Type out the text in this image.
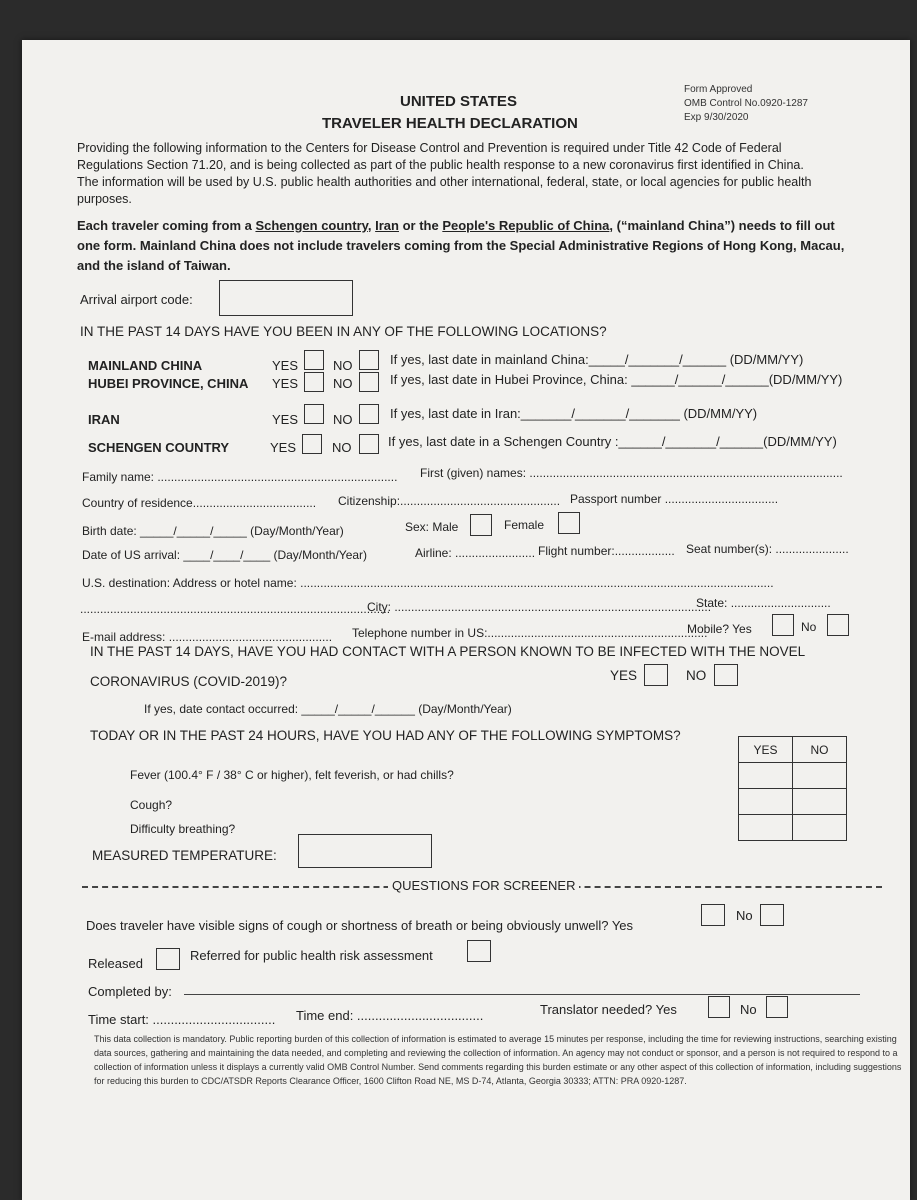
UNITED STATES
TRAVELER HEALTH DECLARATION
Form Approved
OMB Control No.0920-1287
Exp 9/30/2020
Providing the following information to the Centers for Disease Control and Prevention is required under Title 42 Code of Federal Regulations Section 71.20, and is being collected as part of the public health response to a new coronavirus first identified in China. The information will be used by U.S. public health authorities and other international, federal, state, or local agencies for public health purposes.
Each traveler coming from a Schengen country, Iran or the People's Republic of China, (“mainland China”) needs to fill out one form. Mainland China does not include travelers coming from the Special Administrative Regions of Hong Kong, Macau, and the island of Taiwan.
Arrival airport code:
IN THE PAST 14 DAYS HAVE YOU BEEN IN ANY OF THE FOLLOWING LOCATIONS?
MAINLAND CHINA	YES	NO	If yes, last date in mainland China:_____/_______/______ (DD/MM/YY)
HUBEI PROVINCE, CHINA YES	NO	If yes, last date in Hubei Province, China: ______/______/______(DD/MM/YY)
IRAN	YES	NO	If yes, last date in Iran:_______/_______/_______ (DD/MM/YY)
SCHENGEN COUNTRY	YES	NO	If yes, last date in a Schengen Country :______/_______/______(DD/MM/YY)
Family name: ........................................................................ First (given) names: ..............................................................................................
Country of residence..................................... Citizenship:................................................ Passport number ..................................
Birth date: _____/_____/_____ (Day/Month/Year)	Sex: Male	Female
Date of US arrival: ____/____/____ (Day/Month/Year)	Airline: ........................ Flight number:.................. Seat number(s): ......................
U.S. destination: Address or hotel name: ..............................................................................................................................................
.............................................................................................
City: ...............................................................................................
State: ..............................
E-mail address: ................................................. Telephone number in US:..................................................................
Mobile? Yes	No
IN THE PAST 14 DAYS, HAVE YOU HAD CONTACT WITH A PERSON KNOWN TO BE INFECTED WITH THE NOVEL
CORONAVIRUS (COVID-2019)?	YES	NO
If yes, date contact occurred: _____/_____/______ (Day/Month/Year)
TODAY OR IN THE PAST 24 HOURS, HAVE YOU HAD ANY OF THE FOLLOWING SYMPTOMS?
YES	NO

Fever (100.4° F / 38° C or higher), felt feverish, or had chills?
Cough?
Difficulty breathing?
MEASURED TEMPERATURE:
QUESTIONS FOR SCREENER
Does traveler have visible signs of cough or shortness of breath or being obviously unwell? Yes
No
Released
Referred for public health risk assessment
Completed by:
Time start: .................................. Time end: ...................................	Translator needed? Yes	No
This data collection is mandatory. Public reporting burden of this collection of information is estimated to average 15 minutes per response, including the time for reviewing instructions, searching existing data sources, gathering and maintaining the data needed, and completing and reviewing the collection of information. An agency may not conduct or sponsor, and a person is not required to respond to a collection of information unless it displays a currently valid OMB Control Number. Send comments regarding this burden estimate or any other aspect of this collection of information, including suggestions for reducing this burden to CDC/ATSDR Reports Clearance Officer, 1600 Clifton Road NE, MS D-74, Atlanta, Georgia 30333; ATTN: PRA 0920-1287.
